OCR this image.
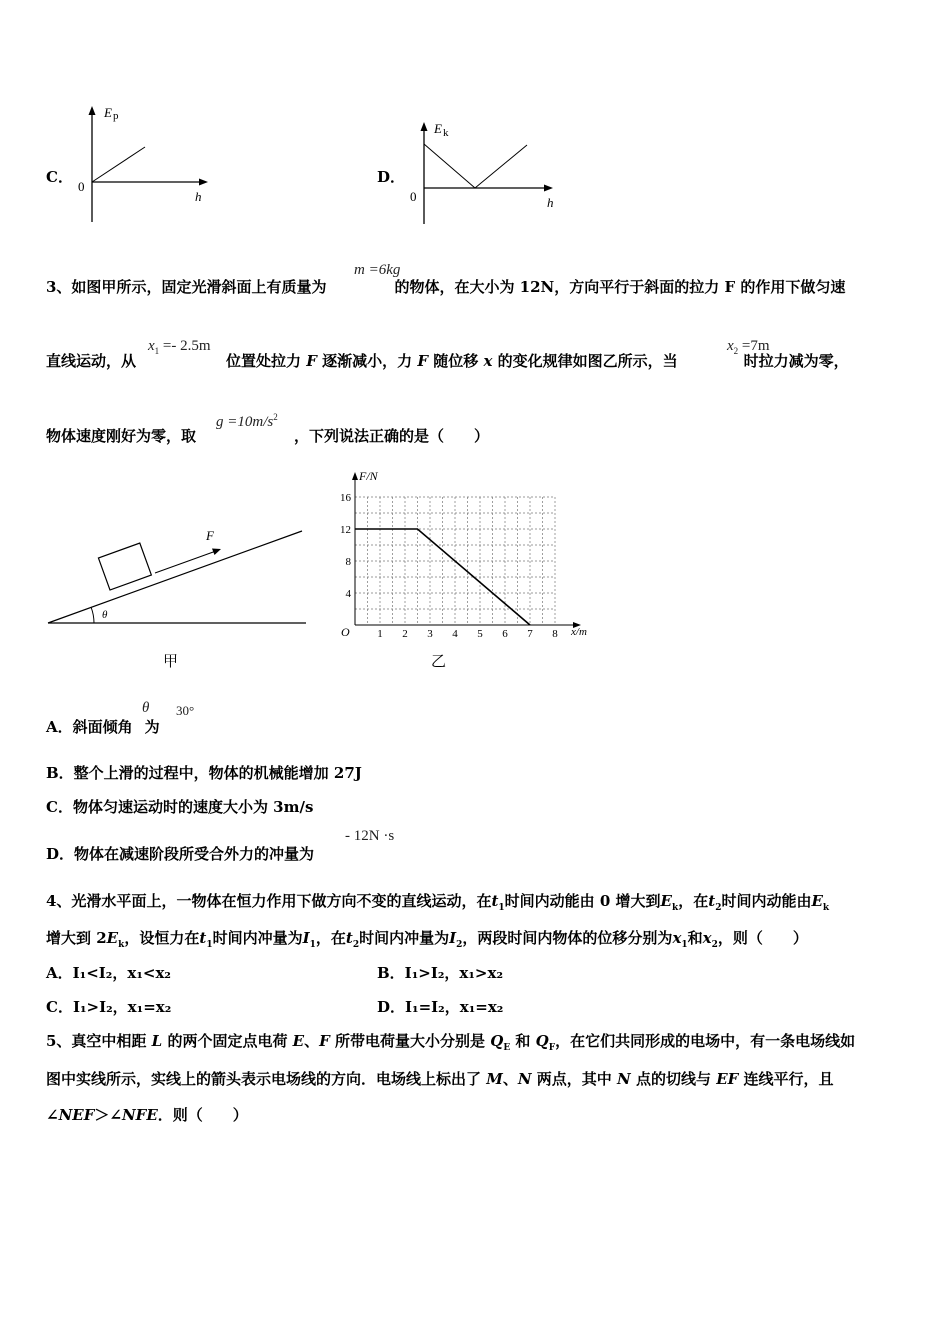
C．
E p
0
h
D．
E k
0	h
3、如图甲所示，固定光滑斜面上有质量为	的物体，在大小为 12N，方向平行于斜面的拉力 F 的作用下做匀速
m =6kg
直线运动，从	位置处拉力 F 逐渐减小，力 F 随位移 x 的变化规律如图乙所示，当	时拉力减为零，
$x_1 =- 2.5m$	$x_2 =7m$
物体速度刚好为零，取	，下列说法正确的是（　　）
$g =10m/s^2$
F
θ
甲
4
8
12
16
1 2 3 4 5 6 7 8
F/N
x/m
O
乙
A．斜面倾角 为
θ 30°
B．整个上滑的过程中，物体的机械能增加 27J
C．物体匀速运动时的速度大小为 3m/s
D．物体在减速阶段所受合外力的冲量为
- 12N ·s
4、光滑水平面上，一物体在恒力作用下做方向不变的直线运动，在$t_1$时间内动能由 0 增大到$E_k$，在$t_2$时间内动能由$E_k$
增大到 $2E_k$，设恒力在$t_1$时间内冲量为$I_1$，在$t_2$时间内冲量为$I_2$，两段时间内物体的位移分别为$x_1$和$x_2$，则（　　）
A．I₁<I₂，x₁<x₂	B．I₁>I₂，x₁>x₂
C．I₁>I₂，x₁=x₂	D．I₁=I₂，x₁=x₂
5、真空中相距 L 的两个固定点电荷 E、F 所带电荷量大小分别是 $Q_E$ 和 $Q_F$，在它们共同形成的电场中，有一条电场线如
图中实线所示，实线上的箭头表示电场线的方向．电场线上标出了 M、N 两点，其中 N 点的切线与 EF 连线平行，且
∠NEF＞∠NFE．则（　　）
